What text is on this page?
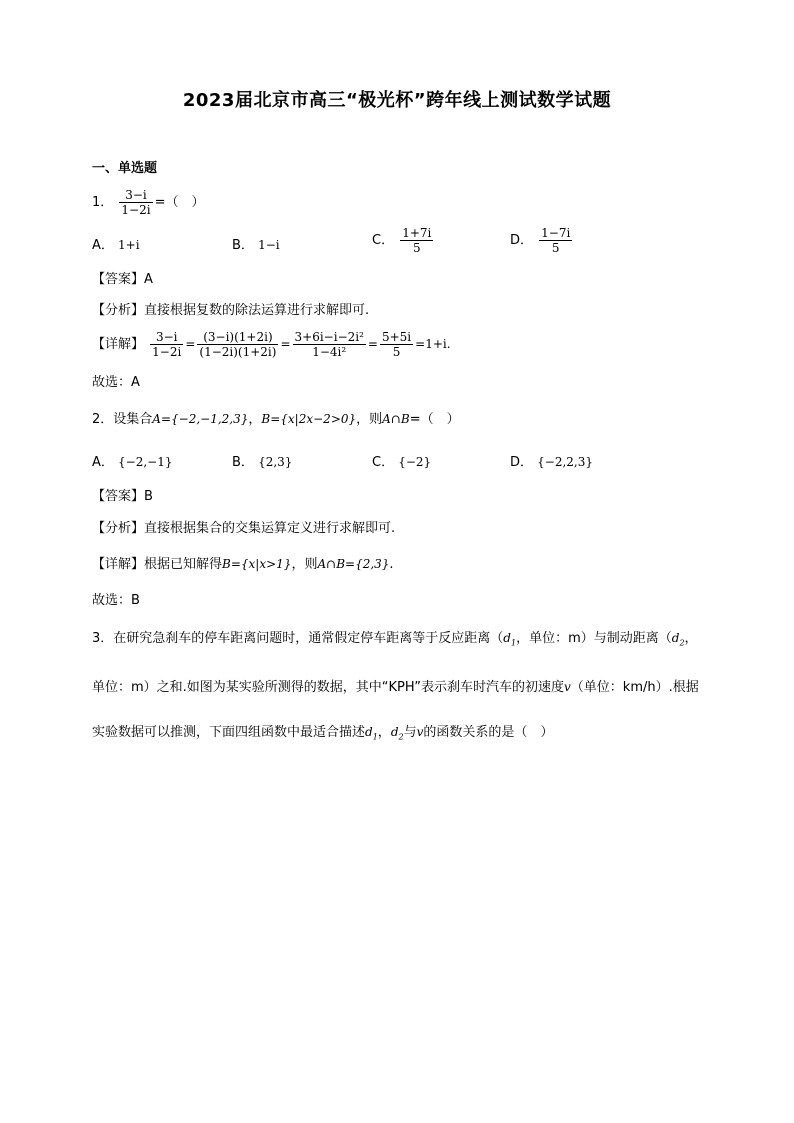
2023届北京市高三“极光杯”跨年线上测试数学试题
一、单选题
1． $\frac{3-i}{1-2i}$ =（　）
A． 1+i	B． 1−i	C． $\frac{1+7i}{5}$	D． $\frac{1-7i}{5}$
【答案】A
【分析】直接根据复数的除法运算进行求解即可.
【详解】 $\frac{3-i}{1-2i} = \frac{(3-i)(1+2i)}{(1-2i)(1+2i)} = \frac{\text{3+6i−i−2i²}}{\text{1−4i²}} = \frac{5+5i}{5} =1+i$.
故选：A
2．设集合A={−2,−1,2,3}，B={x|2x−2>0}，则A∩B=（　）
A． {−2,−1}	B． {2,3}	C． {−2}	D． {−2,2,3}
【答案】B
【分析】直接根据集合的交集运算定义进行求解即可.
【详解】根据已知解得B={x|x>1}，则A∩B={2,3}.
故选：B
3．在研究急刹车的停车距离问题时，通常假定停车距离等于反应距离（$d_1$，单位：m）与制动距离（$d_2$，单位：m）之和.如图为某实验所测得的数据，其中“KPH”表示刹车时汽车的初速度v（单位：km/h）.根据实验数据可以推测，下面四组函数中最适合描述$d_1$，$d_2$与v的函数关系的是（　）
